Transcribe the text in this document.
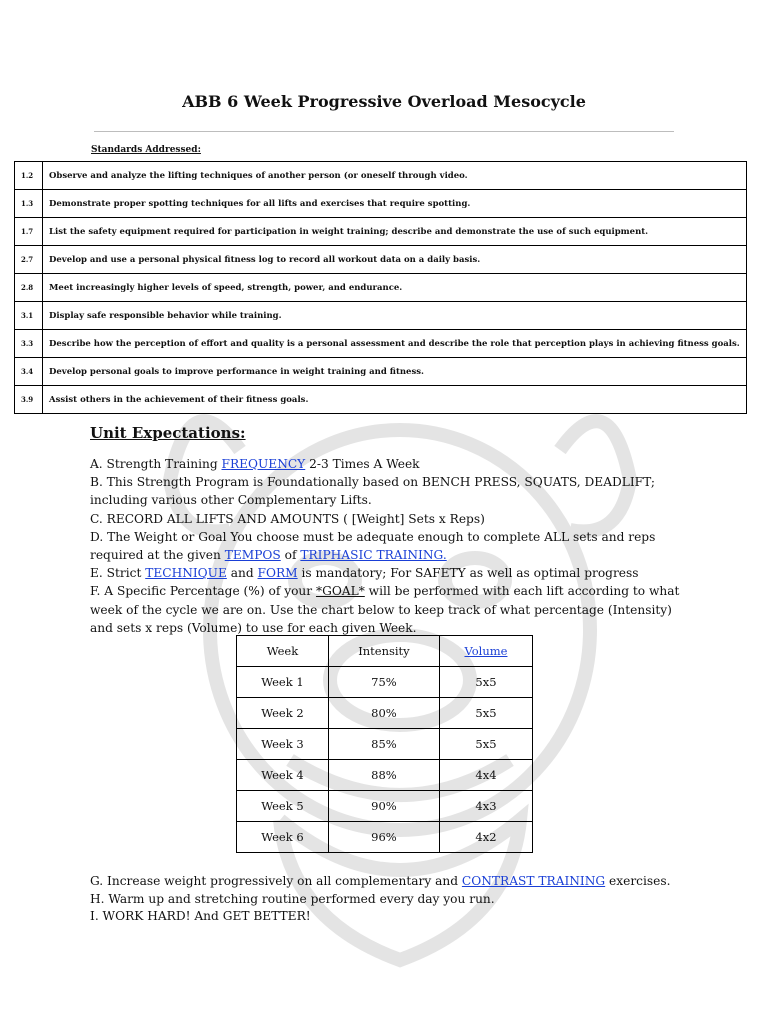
ABB 6 Week Progressive Overload Mesocycle
Standards Addressed:
1.2	Observe and analyze the lifting techniques of another person (or oneself through video.
1.3	Demonstrate proper spotting techniques for all lifts and exercises that require spotting.
1.7	List the safety equipment required for participation in weight training; describe and demonstrate the use of such equipment.
2.7	Develop and use a personal physical fitness log to record all workout data on a daily basis.
2.8	Meet increasingly higher levels of speed, strength, power, and endurance.
3.1	Display safe responsible behavior while training.
3.3	Describe how the perception of effort and quality is a personal assessment and describe the role that perception plays in achieving fitness goals.
3.4	Develop personal goals to improve performance in weight training and fitness.
3.9	Assist others in the achievement of their fitness goals.
Unit Expectations:

A. Strength Training FREQUENCY 2-3 Times A Week

B. This Strength Program is Foundationally based on BENCH PRESS, SQUATS, DEADLIFT; including various other Complementary Lifts.

C. RECORD ALL LIFTS AND AMOUNTS ( [Weight] Sets x Reps)

D. The Weight or Goal You choose must be adequate enough to complete ALL sets and reps required at the given TEMPOS of TRIPHASIC TRAINING.

E. Strict TECHNIQUE and FORM is mandatory; For SAFETY as well as optimal progress

F. A Specific Percentage (%) of your *GOAL* will be performed with each lift according to what week of the cycle we are on. Use the chart below to keep track of what percentage (Intensity) and sets x reps (Volume) to use for each given Week.

Week	Intensity	Volume
Week 1	75%	5x5
Week 2	80%	5x5
Week 3	85%	5x5
Week 4	88%	4x4
Week 5	90%	4x3
Week 6	96%	4x2

G. Increase weight progressively on all complementary and CONTRAST TRAINING exercises.

H. Warm up and stretching routine performed every day you run.

I. WORK HARD! And GET BETTER!
